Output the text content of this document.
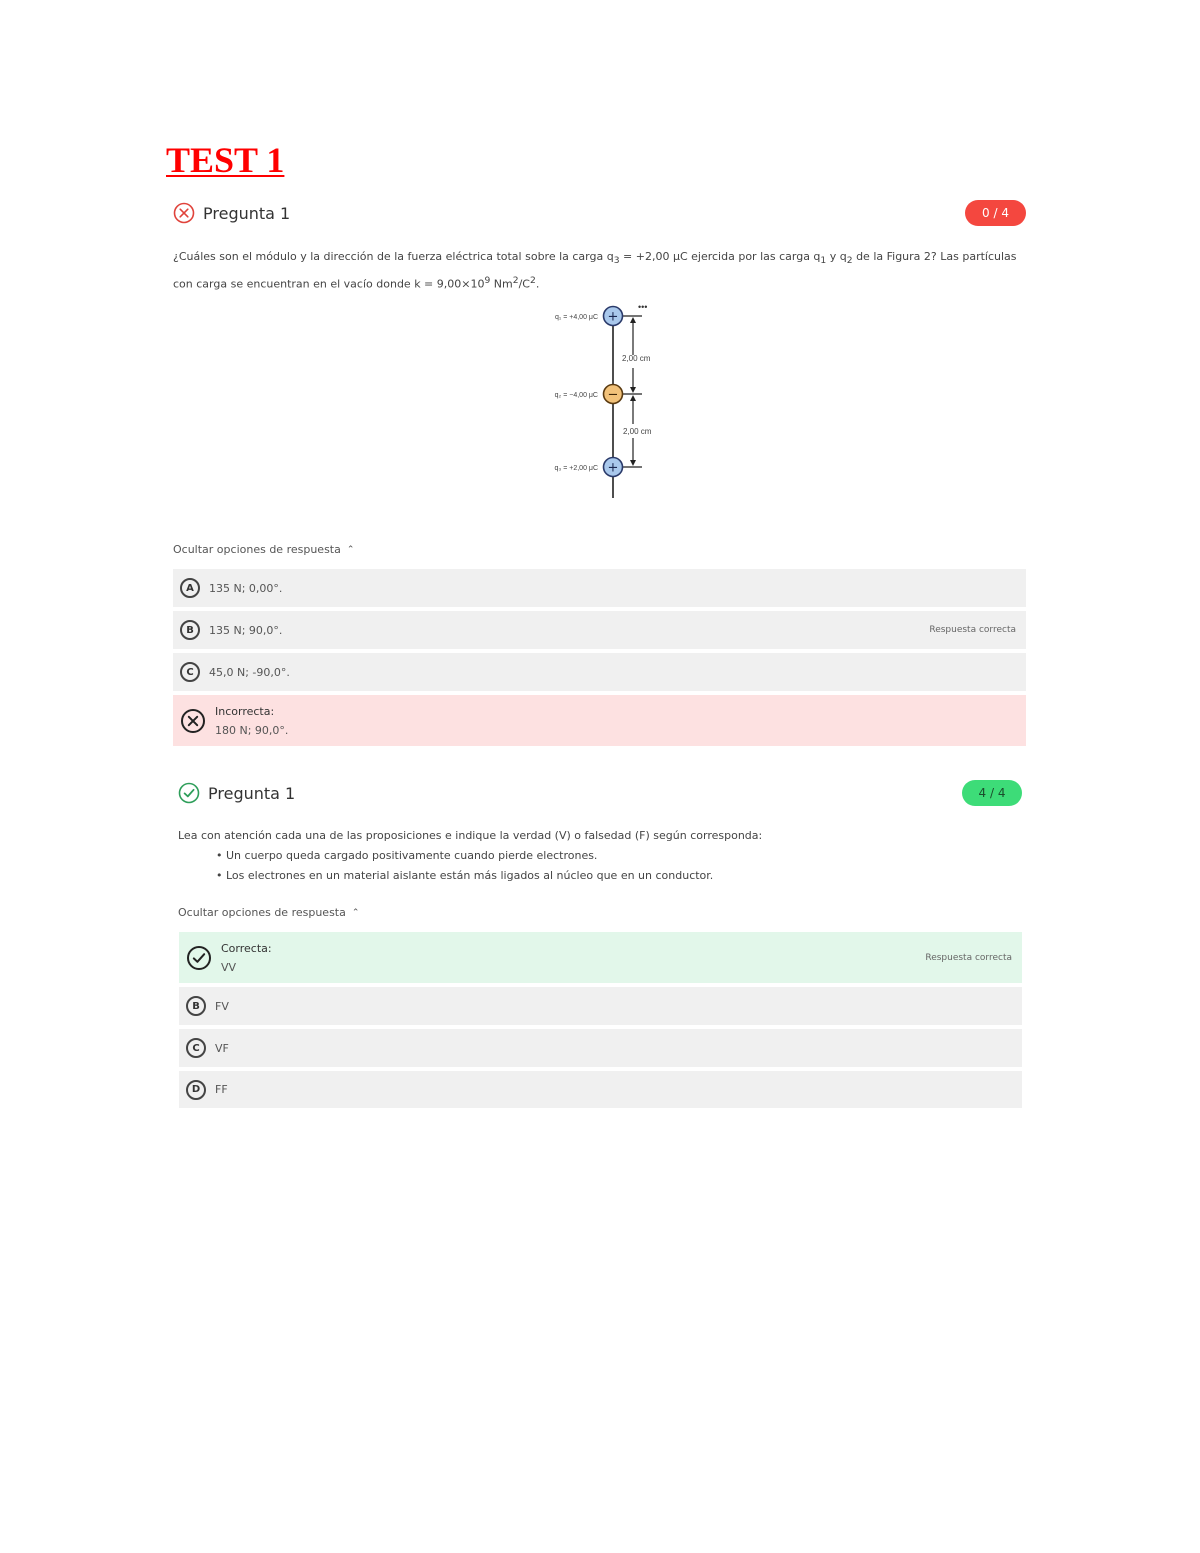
TEST 1
Pregunta 1	0 / 4

¿Cuáles son el módulo y la dirección de la fuerza eléctrica total sobre la carga $q_3 = +2,00$ μC ejercida por las carga $q_1$ y $q_2$ de la Figura 2? Las partículas

con carga se encuentran en el vacío donde $k = 9,00\times 10^9$ $Nm^2/C^2$.

•••
2,00 cm
2,00 cm
+
−
+
q₁ = +4,00 μC
q₂ = −4,00 μC
q₃ = +2,00 μC
Ocultar opciones de respuesta ⌃
A	135 N; 0,00°.
B	135 N; 90,0°.	Respuesta correcta
C	45,0 N; -90,0°.
Incorrecta:
180 N; 90,0°.
Pregunta 1	4 / 4

Lea con atención cada una de las proposiciones e indique la verdad (V) o falsedad (F) según corresponda:

• Un cuerpo queda cargado positivamente cuando pierde electrones.
• Los electrones en un material aislante están más ligados al núcleo que en un conductor.
Ocultar opciones de respuesta ⌃
Correcta:
VV
Respuesta correcta
B	FV
C	VF
D	FF
